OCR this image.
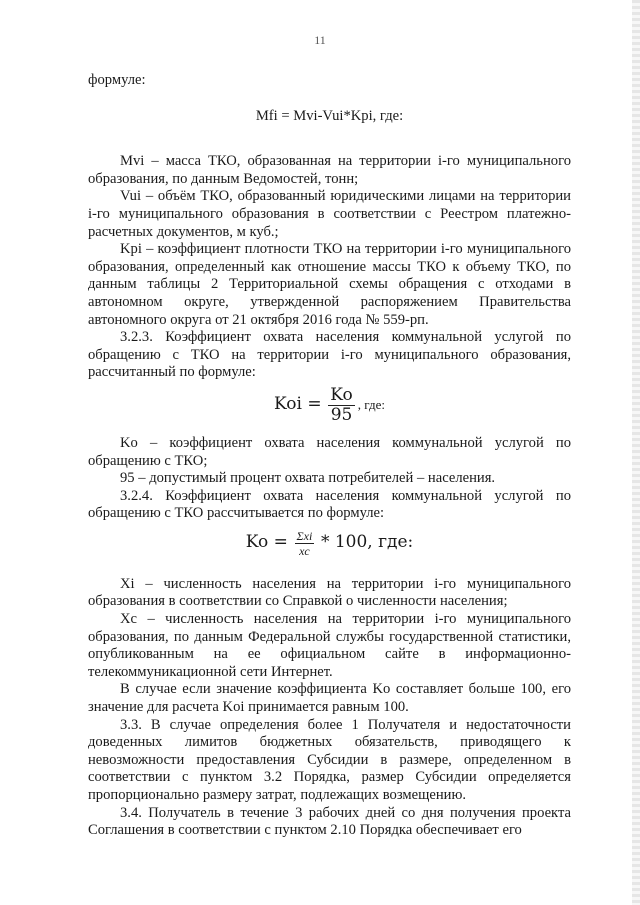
11

формуле:

Mfi = Mvi-Vui*Kpi, где:

Mvi – масса ТКО, образованная на территории i-го муниципального образования, по данным Ведомостей, тонн;

Vui – объём ТКО, образованный юридическими лицами на территории i-го муниципального образования в соответствии с Реестром платежно-расчетных документов, м куб.;

Kpi – коэффициент плотности ТКО на территории i-го муниципального образования, определенный как отношение массы ТКО к объему ТКО, по данным таблицы 2 Территориальной схемы обращения с отходами в автономном округе, утвержденной распоряжением Правительства автономного округа от 21 октября 2016 года № 559-рп.

3.2.3. Коэффициент охвата населения коммунальной услугой по обращению с ТКО на территории i-го муниципального образования, рассчитанный по формуле:

Koi = $\frac{Ko}{95}$ , где:

Ko – коэффициент охвата населения коммунальной услугой по обращению с ТКО;

95 – допустимый процент охвата потребителей – населения.

3.2.4. Коэффициент охвата населения коммунальной услугой по обращению с ТКО рассчитывается по формуле:

$Ko = \frac{\text{Σxi}}{xc} * 100$, где:

Xi – численность населения на территории i-го муниципального образования в соответствии со Справкой о численности населения;

Xc – численность населения на территории i-го муниципального образования, по данным Федеральной службы государственной статистики, опубликованным на ее официальном сайте в информационно-телекоммуникационной сети Интернет.

В случае если значение коэффициента Ko составляет больше 100, его значение для расчета Koi принимается равным 100.

3.3. В случае определения более 1 Получателя и недостаточности доведенных лимитов бюджетных обязательств, приводящего к невозможности предоставления Субсидии в размере, определенном в соответствии с пунктом 3.2 Порядка, размер Субсидии определяется пропорционально размеру затрат, подлежащих возмещению.

3.4. Получатель в течение 3 рабочих дней со дня получения проекта Соглашения в соответствии с пунктом 2.10 Порядка обеспечивает его
